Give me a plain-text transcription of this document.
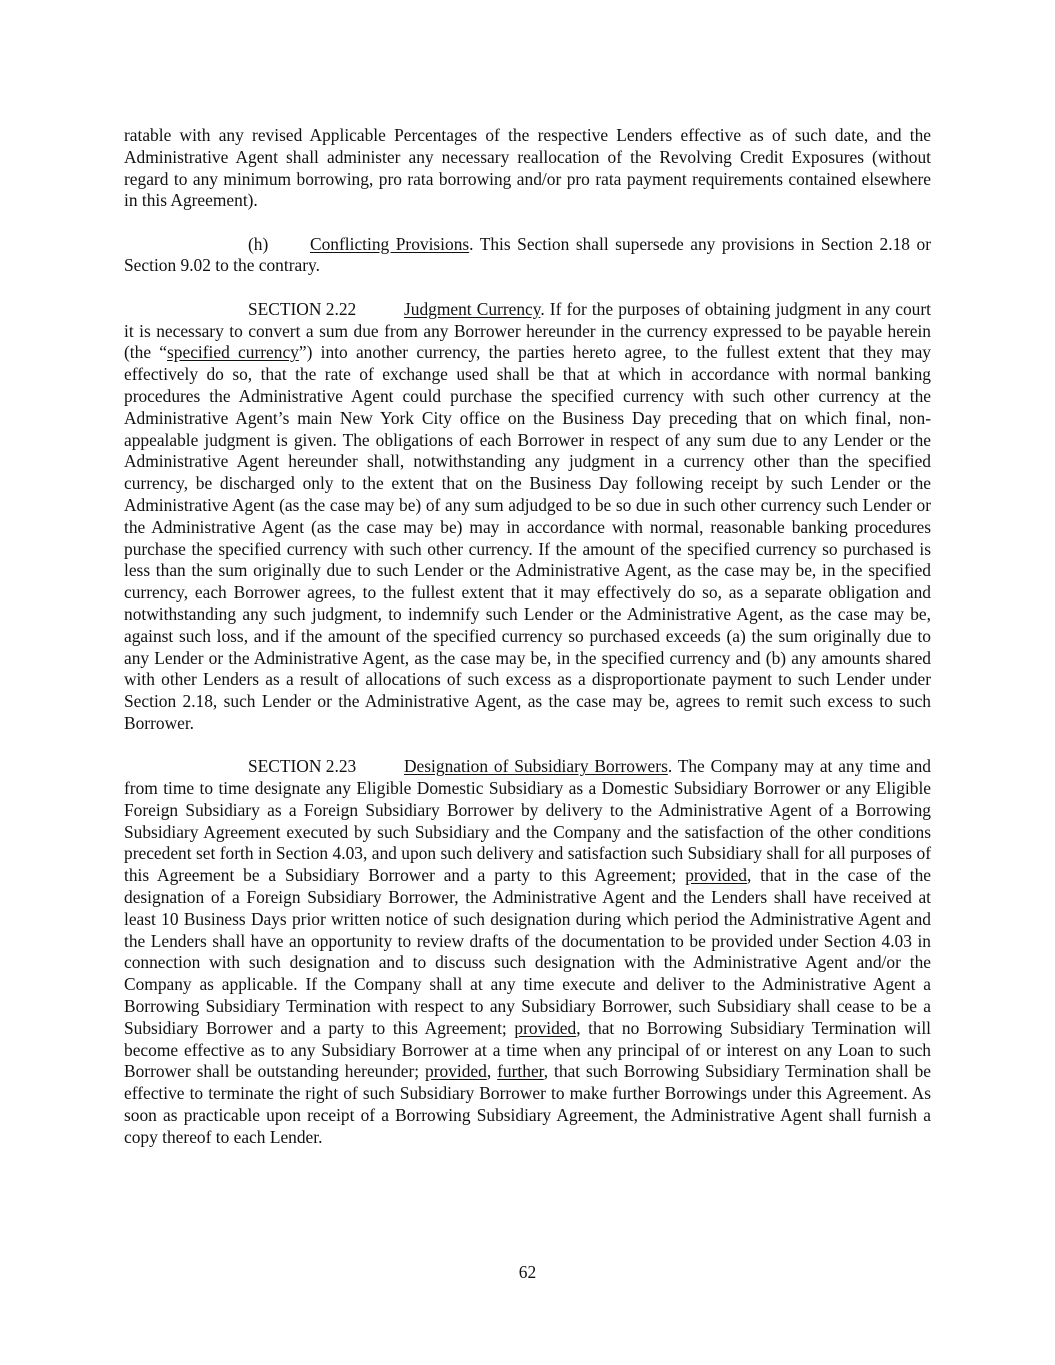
ratable with any revised Applicable Percentages of the respective Lenders effective as of such date, and the Administrative Agent shall administer any necessary reallocation of the Revolving Credit Exposures (without regard to any minimum borrowing, pro rata borrowing and/or pro rata payment requirements contained elsewhere in this Agreement).

(h) Conflicting Provisions. This Section shall supersede any provisions in Section 2.18 or Section 9.02 to the contrary.

SECTION 2.22	Judgment Currency. If for the purposes of obtaining judgment in any court it is necessary to convert a sum due from any Borrower hereunder in the currency expressed to be payable herein (the “specified currency”) into another currency, the parties hereto agree, to the fullest extent that they may effectively do so, that the rate of exchange used shall be that at which in accordance with normal banking procedures the Administrative Agent could purchase the specified currency with such other currency at the Administrative Agent’s main New York City office on the Business Day preceding that on which final, non-appealable judgment is given. The obligations of each Borrower in respect of any sum due to any Lender or the Administrative Agent hereunder shall, notwithstanding any judgment in a currency other than the specified currency, be discharged only to the extent that on the Business Day following receipt by such Lender or the Administrative Agent (as the case may be) of any sum adjudged to be so due in such other currency such Lender or the Administrative Agent (as the case may be) may in accordance with normal, reasonable banking procedures purchase the specified currency with such other currency. If the amount of the specified currency so purchased is less than the sum originally due to such Lender or the Administrative Agent, as the case may be, in the specified currency, each Borrower agrees, to the fullest extent that it may effectively do so, as a separate obligation and notwithstanding any such judgment, to indemnify such Lender or the Administrative Agent, as the case may be, against such loss, and if the amount of the specified currency so purchased exceeds (a) the sum originally due to any Lender or the Administrative Agent, as the case may be, in the specified currency and (b) any amounts shared with other Lenders as a result of allocations of such excess as a disproportionate payment to such Lender under Section 2.18, such Lender or the Administrative Agent, as the case may be, agrees to remit such excess to such Borrower.

SECTION 2.23	Designation of Subsidiary Borrowers. The Company may at any time and from time to time designate any Eligible Domestic Subsidiary as a Domestic Subsidiary Borrower or any Eligible Foreign Subsidiary as a Foreign Subsidiary Borrower by delivery to the Administrative Agent of a Borrowing Subsidiary Agreement executed by such Subsidiary and the Company and the satisfaction of the other conditions precedent set forth in Section 4.03, and upon such delivery and satisfaction such Subsidiary shall for all purposes of this Agreement be a Subsidiary Borrower and a party to this Agreement; provided, that in the case of the designation of a Foreign Subsidiary Borrower, the Administrative Agent and the Lenders shall have received at least 10 Business Days prior written notice of such designation during which period the Administrative Agent and the Lenders shall have an opportunity to review drafts of the documentation to be provided under Section 4.03 in connection with such designation and to discuss such designation with the Administrative Agent and/or the Company as applicable. If the Company shall at any time execute and deliver to the Administrative Agent a Borrowing Subsidiary Termination with respect to any Subsidiary Borrower, such Subsidiary shall cease to be a Subsidiary Borrower and a party to this Agreement; provided, that no Borrowing Subsidiary Termination will become effective as to any Subsidiary Borrower at a time when any principal of or interest on any Loan to such Borrower shall be outstanding hereunder; provided, further, that such Borrowing Subsidiary Termination shall be effective to terminate the right of such Subsidiary Borrower to make further Borrowings under this Agreement. As soon as practicable upon receipt of a Borrowing Subsidiary Agreement, the Administrative Agent shall furnish a copy thereof to each Lender.

62
